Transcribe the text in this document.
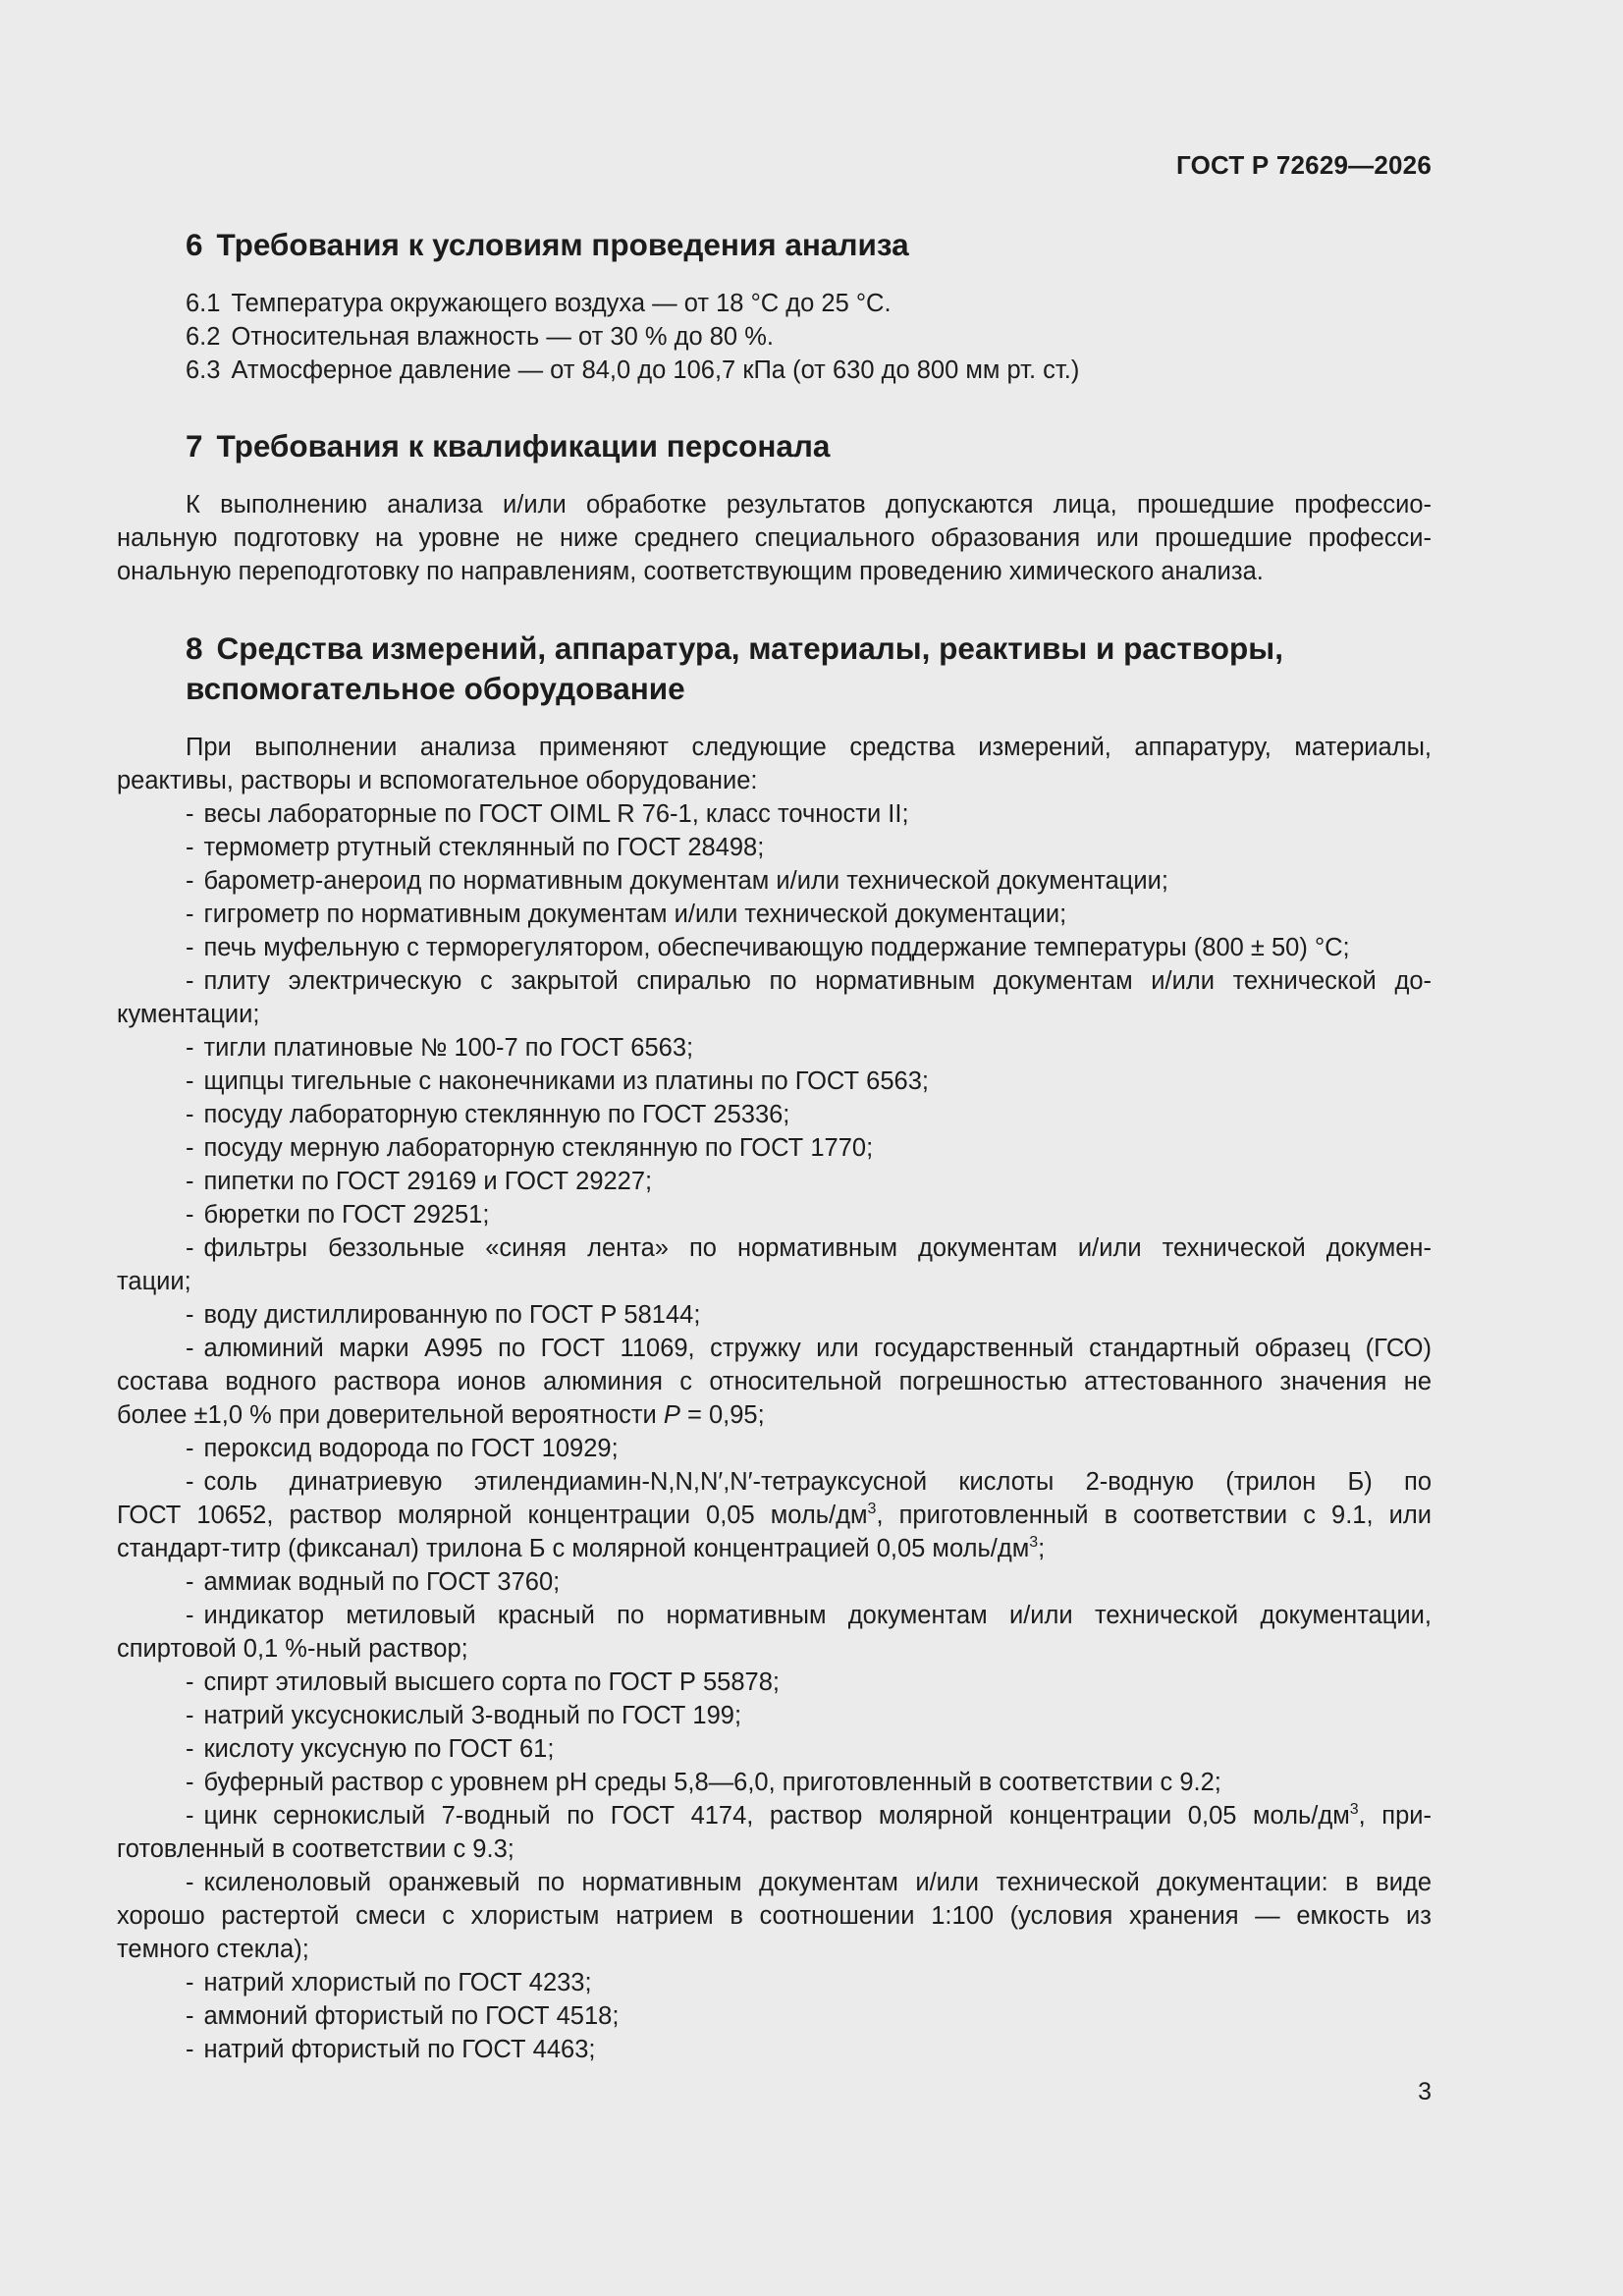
ГОСТ Р 72629—2026
6 Требования к условиям проведения анализа
6.1 Температура окружающего воздуха — от 18 °С до 25 °С.
6.2 Относительная влажность — от 30 % до 80 %.
6.3 Атмосферное давление — от 84,0 до 106,7 кПа (от 630 до 800 мм рт. ст.)
7 Требования к квалификации персонала
К выполнению анализа и/или обработке результатов допускаются лица, прошедшие профессио-
нальную подготовку на уровне не ниже среднего специального образования или прошедшие професси-
ональную переподготовку по направлениям, соответствующим проведению химического анализа.
8 Средства измерений, аппаратура, материалы, реактивы и растворы,
вспомогательное оборудование
При выполнении анализа применяют следующие средства измерений, аппаратуру, материалы,
реактивы, растворы и вспомогательное оборудование:
- весы лабораторные по ГОСТ OIML R 76-1, класс точности II;
- термометр ртутный стеклянный по ГОСТ 28498;
- барометр-анероид по нормативным документам и/или технической документации;
- гигрометр по нормативным документам и/или технической документации;
- печь муфельную с терморегулятором, обеспечивающую поддержание температуры (800 ± 50) °С;
- плиту электрическую с закрытой спиралью по нормативным документам и/или технической до-
кументации;
- тигли платиновые № 100-7 по ГОСТ 6563;
- щипцы тигельные с наконечниками из платины по ГОСТ 6563;
- посуду лабораторную стеклянную по ГОСТ 25336;
- посуду мерную лабораторную стеклянную по ГОСТ 1770;
- пипетки по ГОСТ 29169 и ГОСТ 29227;
- бюретки по ГОСТ 29251;
- фильтры беззольные «синяя лента» по нормативным документам и/или технической докумен-
тации;
- воду дистиллированную по ГОСТ Р 58144;
- алюминий марки А995 по ГОСТ 11069, стружку или государственный стандартный образец (ГСО)
состава водного раствора ионов алюминия с относительной погрешностью аттестованного значения не
более ±1,0 % при доверительной вероятности Р = 0,95;
- пероксид водорода по ГОСТ 10929;
- соль динатриевую этилендиамин-N,N,N′,N′-тетрауксусной кислоты 2-водную (трилон Б) по
ГОСТ 10652, раствор молярной концентрации 0,05 моль/$дм^3$, приготовленный в соответствии с 9.1, или
стандарт-титр (фиксанал) трилона Б с молярной концентрацией 0,05 моль/$дм^3$;
- аммиак водный по ГОСТ 3760;
- индикатор метиловый красный по нормативным документам и/или технической документации,
спиртовой 0,1 %-ный раствор;
- спирт этиловый высшего сорта по ГОСТ Р 55878;
- натрий уксуснокислый 3-водный по ГОСТ 199;
- кислоту уксусную по ГОСТ 61;
- буферный раствор с уровнем pH среды 5,8—6,0, приготовленный в соответствии с 9.2;
- цинк сернокислый 7-водный по ГОСТ 4174, раствор молярной концентрации 0,05 моль/$дм^3$, при-
готовленный в соответствии с 9.3;
- ксиленоловый оранжевый по нормативным документам и/или технической документации: в виде
хорошо растертой смеси с хлористым натрием в соотношении 1:100 (условия хранения — емкость из
темного стекла);
- натрий хлористый по ГОСТ 4233;
- аммоний фтористый по ГОСТ 4518;
- натрий фтористый по ГОСТ 4463;
3
